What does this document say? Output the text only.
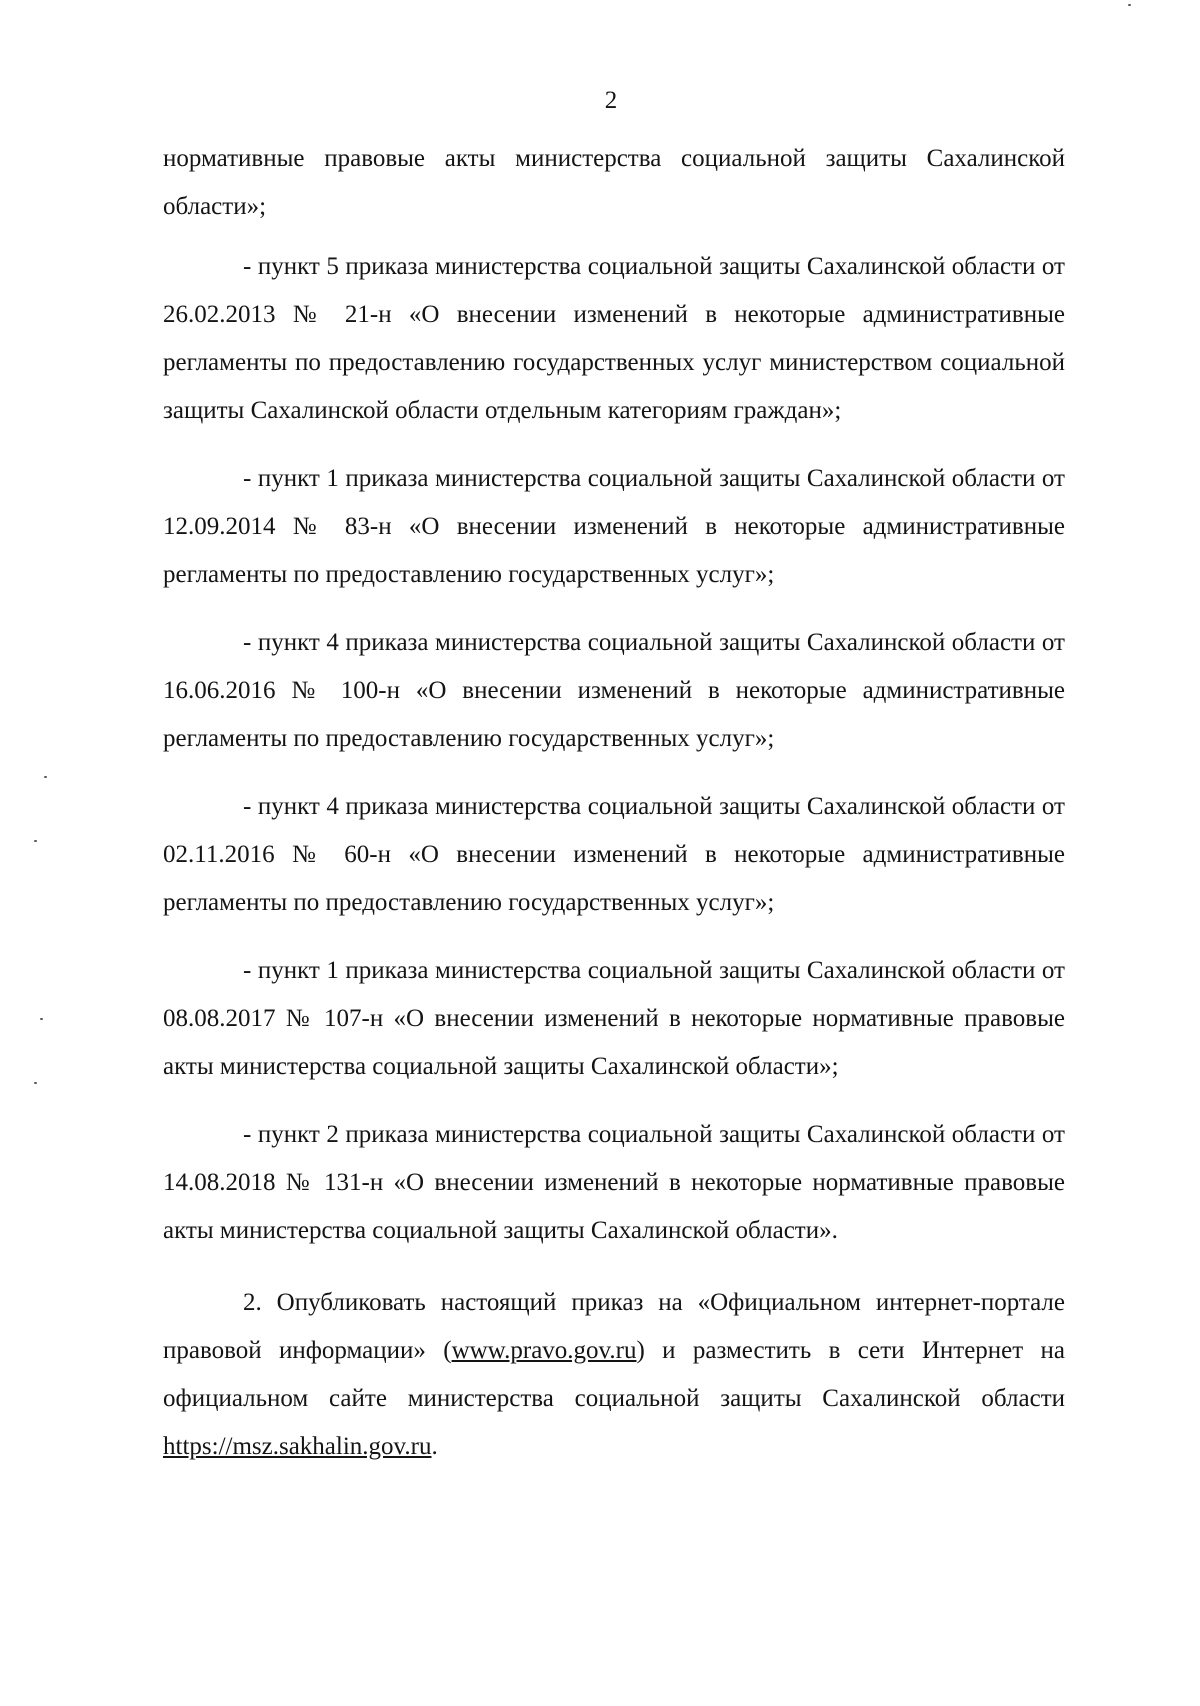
2

нормативные правовые акты министерства социальной защиты Сахалинской области»;

- пункт 5 приказа министерства социальной защиты Сахалинской области от 26.02.2013 № 21-н «О внесении изменений в некоторые административные регламенты по предоставлению государственных услуг министерством социальной защиты Сахалинской области отдельным категориям граждан»;

- пункт 1 приказа министерства социальной защиты Сахалинской области от 12.09.2014 № 83-н «О внесении изменений в некоторые административные регламенты по предоставлению государственных услуг»;

- пункт 4 приказа министерства социальной защиты Сахалинской области от 16.06.2016 № 100-н «О внесении изменений в некоторые административные регламенты по предоставлению государственных услуг»;

- пункт 4 приказа министерства социальной защиты Сахалинской области от 02.11.2016 № 60-н «О внесении изменений в некоторые административные регламенты по предоставлению государственных услуг»;

- пункт 1 приказа министерства социальной защиты Сахалинской области от 08.08.2017 № 107-н «О внесении изменений в некоторые нормативные правовые акты министерства социальной защиты Сахалинской области»;

- пункт 2 приказа министерства социальной защиты Сахалинской области от 14.08.2018 № 131-н «О внесении изменений в некоторые нормативные правовые акты министерства социальной защиты Сахалинской области».

2. Опубликовать настоящий приказ на «Официальном интернет-портале правовой информации» (www.pravo.gov.ru) и разместить в сети Интернет на официальном сайте министерства социальной защиты Сахалинской области https://msz.sakhalin.gov.ru.
